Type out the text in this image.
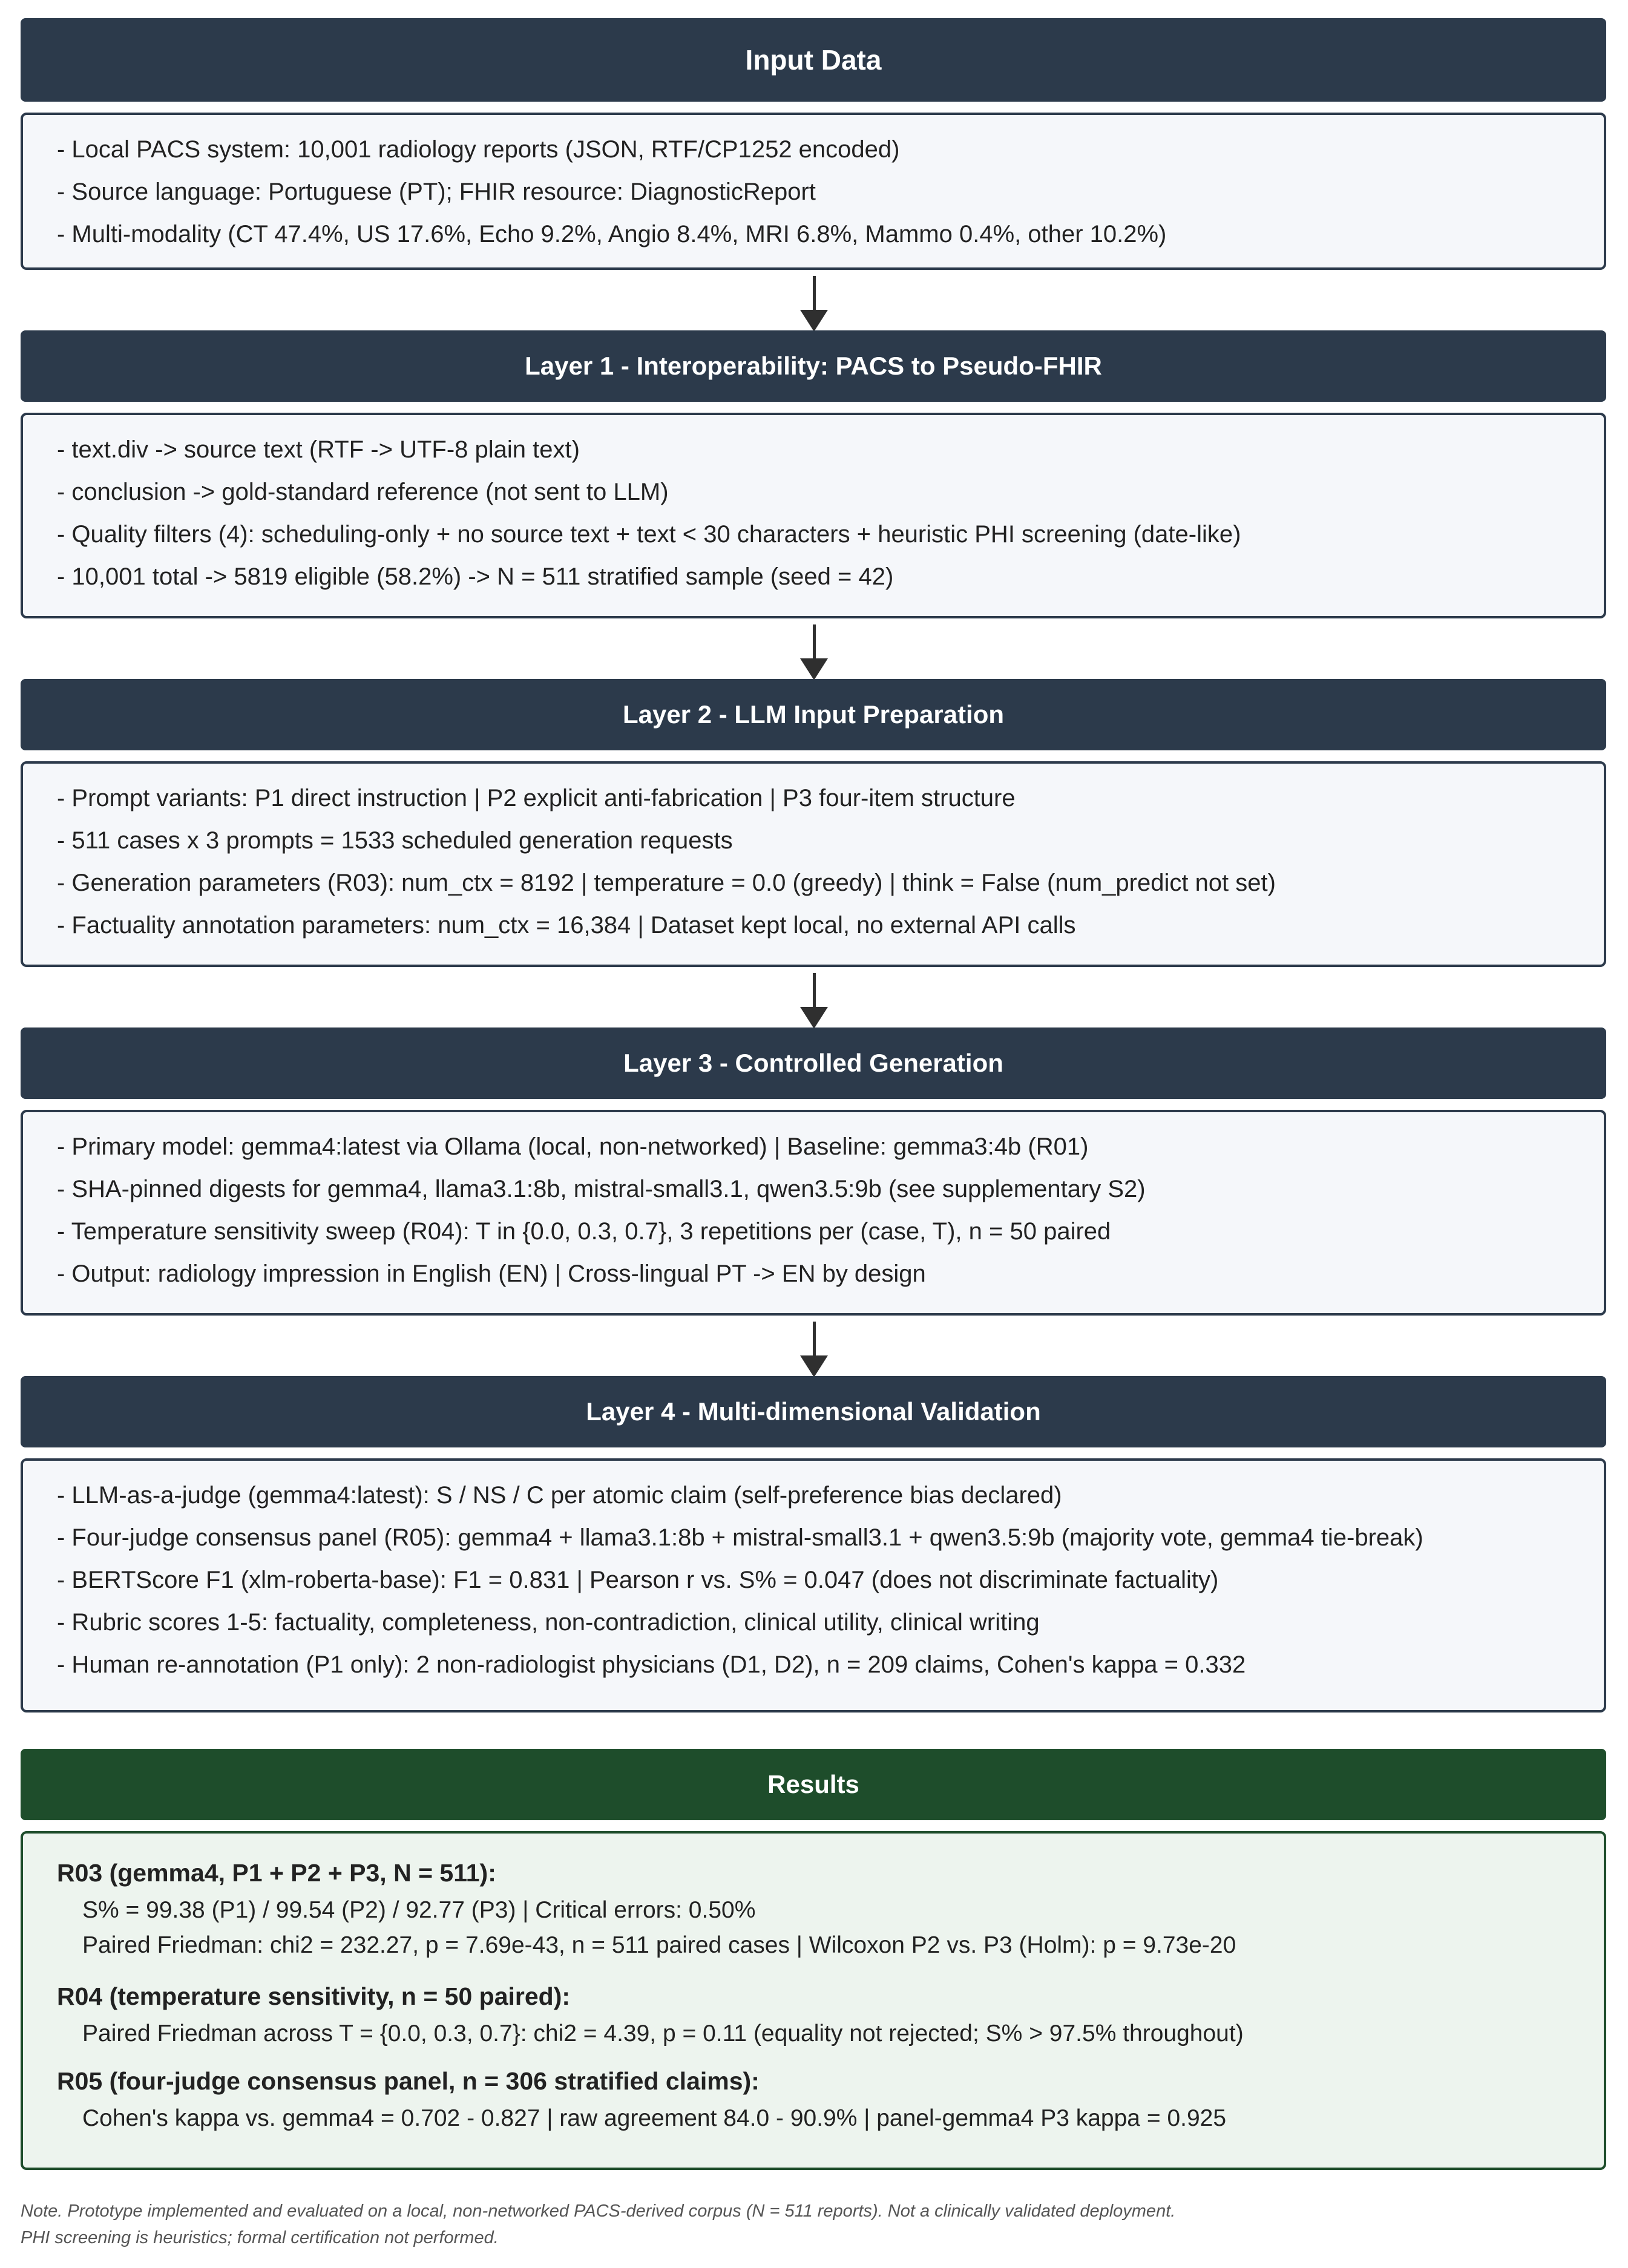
Input Data
- Local PACS system: 10,001 radiology reports (JSON, RTF/CP1252 encoded)
- Source language: Portuguese (PT); FHIR resource: DiagnosticReport
- Multi-modality (CT 47.4%, US 17.6%, Echo 9.2%, Angio 8.4%, MRI 6.8%, Mammo 0.4%, other 10.2%)
Layer 1 - Interoperability: PACS to Pseudo-FHIR
- text.div -> source text (RTF -> UTF-8 plain text)
- conclusion -> gold-standard reference (not sent to LLM)
- Quality filters (4): scheduling-only + no source text + text < 30 characters + heuristic PHI screening (date-like)
- 10,001 total -> 5819 eligible (58.2%) -> N = 511 stratified sample (seed = 42)
Layer 2 - LLM Input Preparation
- Prompt variants: P1 direct instruction | P2 explicit anti-fabrication | P3 four-item structure
- 511 cases x 3 prompts = 1533 scheduled generation requests
- Generation parameters (R03): num_ctx = 8192 | temperature = 0.0 (greedy) | think = False (num_predict not set)
- Factuality annotation parameters: num_ctx = 16,384 | Dataset kept local, no external API calls
Layer 3 - Controlled Generation
- Primary model: gemma4:latest via Ollama (local, non-networked) | Baseline: gemma3:4b (R01)
- SHA-pinned digests for gemma4, llama3.1:8b, mistral-small3.1, qwen3.5:9b (see supplementary S2)
- Temperature sensitivity sweep (R04): T in {0.0, 0.3, 0.7}, 3 repetitions per (case, T), n = 50 paired
- Output: radiology impression in English (EN) | Cross-lingual PT -> EN by design
Layer 4 - Multi-dimensional Validation
- LLM-as-a-judge (gemma4:latest): S / NS / C per atomic claim (self-preference bias declared)
- Four-judge consensus panel (R05): gemma4 + llama3.1:8b + mistral-small3.1 + qwen3.5:9b (majority vote, gemma4 tie-break)
- BERTScore F1 (xlm-roberta-base): F1 = 0.831 | Pearson r vs. S% = 0.047 (does not discriminate factuality)
- Rubric scores 1-5: factuality, completeness, non-contradiction, clinical utility, clinical writing
- Human re-annotation (P1 only): 2 non-radiologist physicians (D1, D2), n = 209 claims, Cohen's kappa = 0.332
Results
R03 (gemma4, P1 + P2 + P3, N = 511):
S% = 99.38 (P1) / 99.54 (P2) / 92.77 (P3) | Critical errors: 0.50%
Paired Friedman: chi2 = 232.27, p = 7.69e-43, n = 511 paired cases | Wilcoxon P2 vs. P3 (Holm): p = 9.73e-20
R04 (temperature sensitivity, n = 50 paired):
Paired Friedman across T = {0.0, 0.3, 0.7}: chi2 = 4.39, p = 0.11 (equality not rejected; S% > 97.5% throughout)
R05 (four-judge consensus panel, n = 306 stratified claims):
Cohen's kappa vs. gemma4 = 0.702 - 0.827 | raw agreement 84.0 - 90.9% | panel-gemma4 P3 kappa = 0.925
Note. Prototype implemented and evaluated on a local, non-networked PACS-derived corpus (N = 511 reports). Not a clinically validated deployment.
PHI screening is heuristics; formal certification not performed.
